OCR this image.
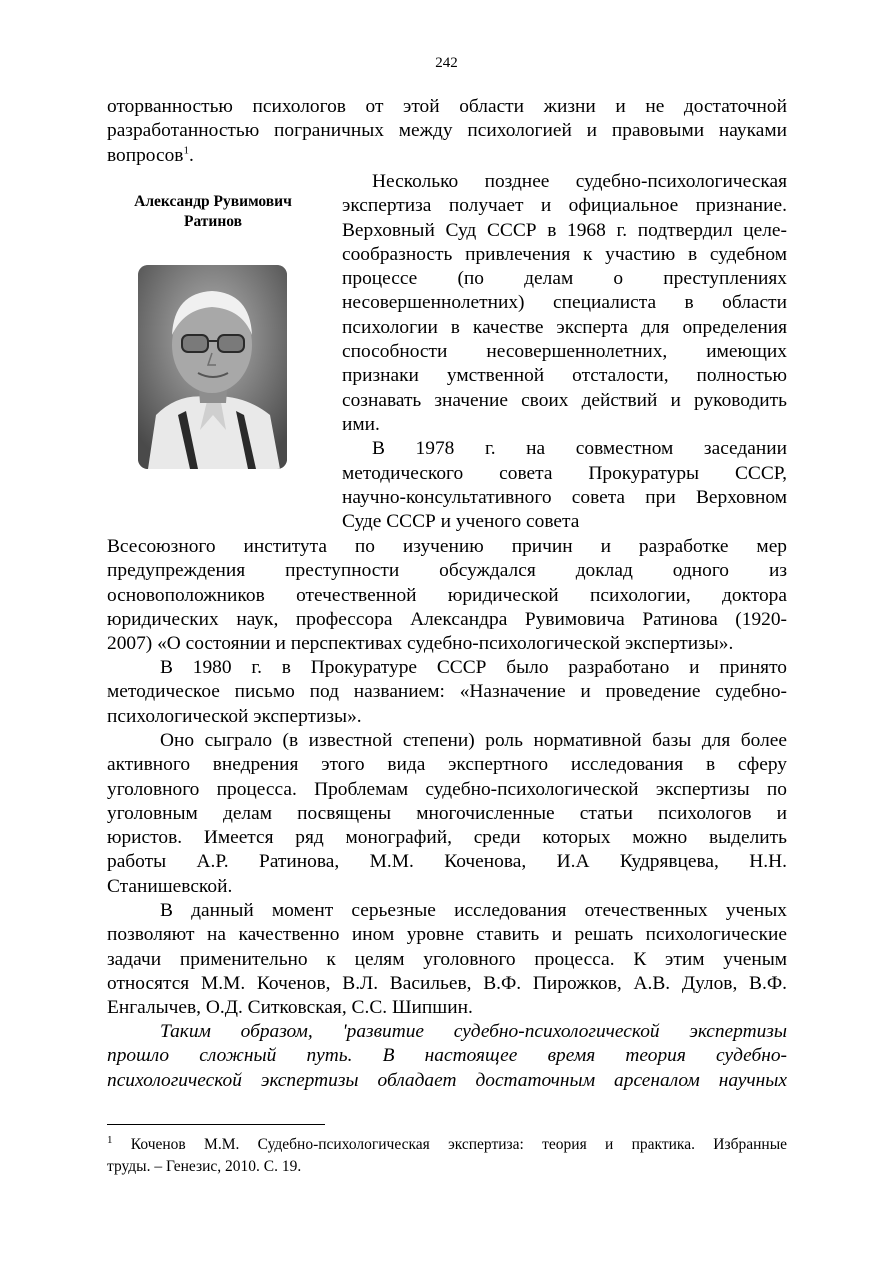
242
оторванностью психологов от этой области жизни и не достаточной
разработанностью пограничных между психологией и правовыми науками
вопросов$^1$.
Александр Рувимович
Ратинов
Несколько позднее судебно-психологическая
экспертиза получает и официальное признание.
Верховный Суд СССР в 1968 г. подтвердил целе-
сообразность привлечения к участию в судебном
процессе (по делам о преступлениях
несовершеннолетних) специалиста в области
психологии в качестве эксперта для определения
способности несовершеннолетних, имеющих
признаки умственной отсталости, полностью
сознавать значение своих действий и руководить
ими.
В 1978 г. на совместном заседании
методического совета Прокуратуры СССР,
научно-консультативного совета при Верховном
Суде СССР и ученого совета
Всесоюзного института по изучению причин и разработке мер
предупреждения преступности обсуждался доклад одного из
основоположников отечественной юридической психологии, доктора
юридических наук, профессора Александра Рувимовича Ратинова (1920-
2007) «О состоянии и перспективах судебно-психологической экспертизы».
В 1980 г. в Прокуратуре СССР было разработано и принято
методическое письмо под названием: «Назначение и проведение судебно-
психологической экспертизы».
Оно сыграло (в известной степени) роль нормативной базы для более
активного внедрения этого вида экспертного исследования в сферу
уголовного процесса. Проблемам судебно-психологической экспертизы по
уголовным делам посвящены многочисленные статьи психологов и
юристов. Имеется ряд монографий, среди которых можно выделить
работы А.Р. Ратинова, М.М. Коченова, И.А Кудрявцева, Н.Н.
Станишевской.
В данный момент серьезные исследования отечественных ученых
позволяют на качественно ином уровне ставить и решать психологические
задачи применительно к целям уголовного процесса. К этим ученым
относятся М.М. Коченов, В.Л. Васильев, В.Ф. Пирожков, А.В. Дулов, В.Ф.
Енгалычев, О.Д. Ситковская, С.С. Шипшин.
Таким образом, 'развитие судебно-психологической экспертизы
прошло сложный путь. В настоящее время теория судебно-
психологической экспертизы обладает достаточным арсеналом научных
$^1$ Коченов М.М. Судебно-психологическая экспертиза: теория и практика. Избранные
труды. – Генезис, 2010. С. 19.
